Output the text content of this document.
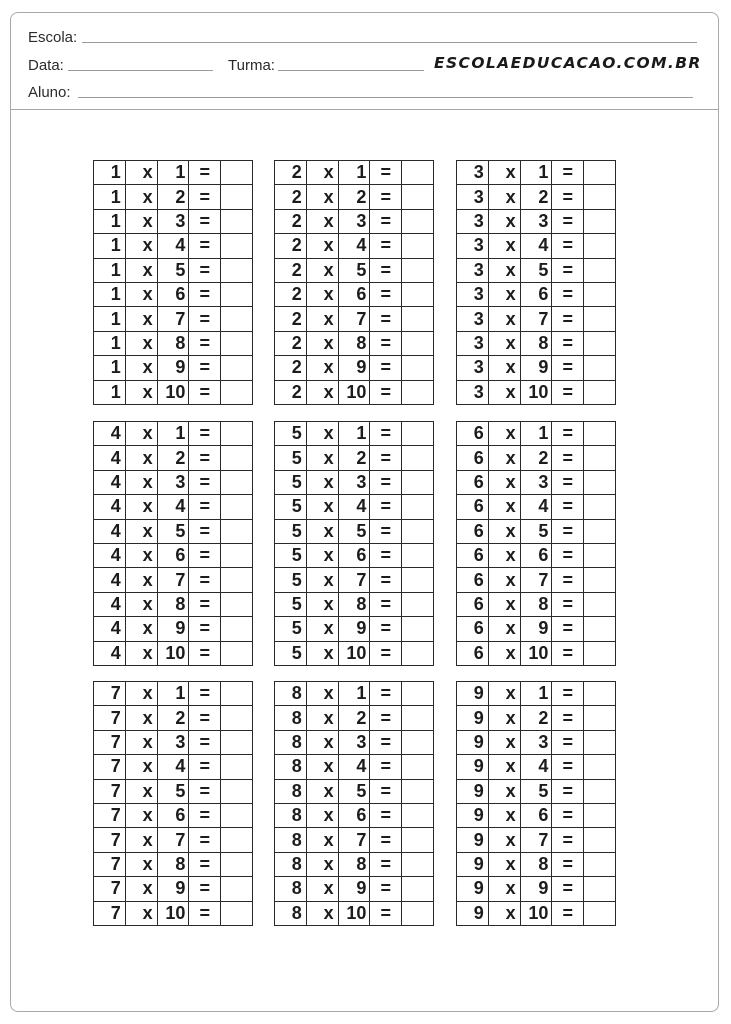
Escola:
Data:	Turma:	ESCOLAEDUCACAO.COM.BR
Aluno:
1	x	1	=	
1	x	2	=	
1	x	3	=	
1	x	4	=	
1	x	5	=	
1	x	6	=	
1	x	7	=	
1	x	8	=	
1	x	9	=	
1	x	10	=	
2	x	1	=	
2	x	2	=	
2	x	3	=	
2	x	4	=	
2	x	5	=	
2	x	6	=	
2	x	7	=	
2	x	8	=	
2	x	9	=	
2	x	10	=	
3	x	1	=	
3	x	2	=	
3	x	3	=	
3	x	4	=	
3	x	5	=	
3	x	6	=	
3	x	7	=	
3	x	8	=	
3	x	9	=	
3	x	10	=	
4	x	1	=	
4	x	2	=	
4	x	3	=	
4	x	4	=	
4	x	5	=	
4	x	6	=	
4	x	7	=	
4	x	8	=	
4	x	9	=	
4	x	10	=	
5	x	1	=	
5	x	2	=	
5	x	3	=	
5	x	4	=	
5	x	5	=	
5	x	6	=	
5	x	7	=	
5	x	8	=	
5	x	9	=	
5	x	10	=	
6	x	1	=	
6	x	2	=	
6	x	3	=	
6	x	4	=	
6	x	5	=	
6	x	6	=	
6	x	7	=	
6	x	8	=	
6	x	9	=	
6	x	10	=	
7	x	1	=	
7	x	2	=	
7	x	3	=	
7	x	4	=	
7	x	5	=	
7	x	6	=	
7	x	7	=	
7	x	8	=	
7	x	9	=	
7	x	10	=	
8	x	1	=	
8	x	2	=	
8	x	3	=	
8	x	4	=	
8	x	5	=	
8	x	6	=	
8	x	7	=	
8	x	8	=	
8	x	9	=	
8	x	10	=	
9	x	1	=	
9	x	2	=	
9	x	3	=	
9	x	4	=	
9	x	5	=	
9	x	6	=	
9	x	7	=	
9	x	8	=	
9	x	9	=	
9	x	10	=	
